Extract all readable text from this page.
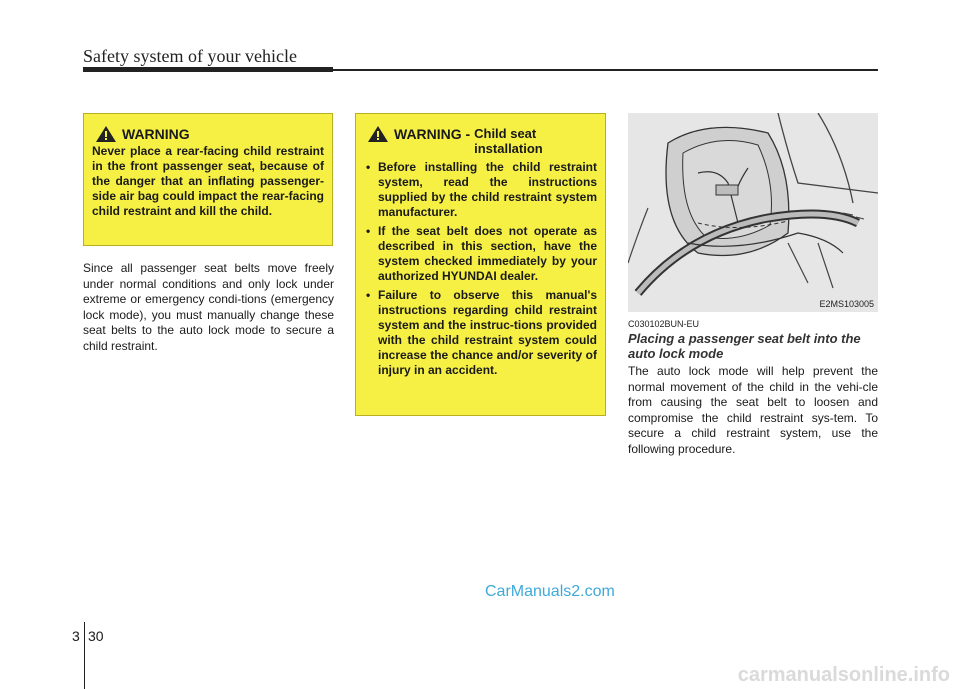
Safety system of your vehicle
WARNING
Never place a rear-facing child restraint in the front passenger seat, because of the danger that an inflating passenger-side air bag could impact the rear-facing child restraint and kill the child.
Since all passenger seat belts move freely under normal conditions and only lock under extreme or emergency condi-tions (emergency lock mode), you must manually change these seat belts to the auto lock mode to secure a child restraint.
WARNING - Child seat
installation
• Before installing the child restraint system, read the instructions supplied by the child restraint system manufacturer.
• If the seat belt does not operate as described in this section, have the system checked immediately by your authorized HYUNDAI dealer.
• Failure to observe this manual's instructions regarding child restraint system and the instruc-tions provided with the child restraint system could increase the chance and/or severity of injury in an accident.
E2MS103005
C030102BUN-EU
Placing a passenger seat belt into the auto lock mode
The auto lock mode will help prevent the normal movement of the child in the vehi-cle from causing the seat belt to loosen and compromise the child restraint sys-tem. To secure a child restraint system, use the following procedure.
CarManuals2.com
3 30
carmanualsonline.info
